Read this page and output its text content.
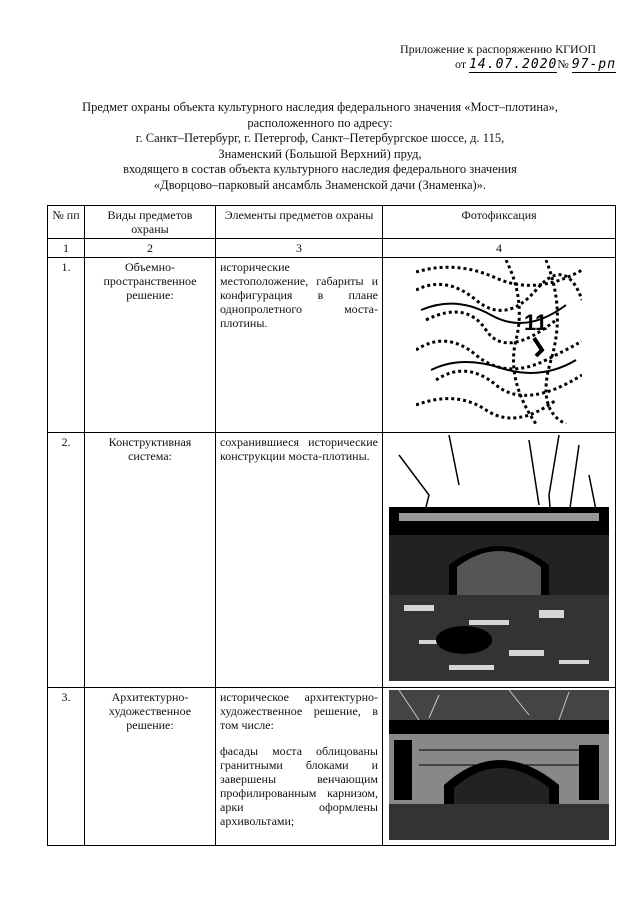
Приложение к распоряжению КГИОП
от 14.07.2020№ 97-рп
Предмет охраны объекта культурного наследия федерального значения «Мост–плотина»,
расположенного по адресу:
г. Санкт–Петербург, г. Петергоф, Санкт–Петербургское шоссе, д. 115,
Знаменский (Большой Верхний) пруд,
входящего в состав объекта культурного наследия федерального значения
«Дворцово–парковый ансамбль Знаменской дачи (Знаменка)».
№ пп	Виды предметов охраны	Элементы предметов охраны	Фотофиксация
1	2	3	4
1.	Объемно-пространственное решение:	исторические местоположение, габариты и конфигурация в плане однопролетного моста-плотины.	11

2.	Конструктивная система:	сохранившиеся исторические конструкции моста-плотины.	

3.	Архитектурно-художественное решение:	историческое архитектурно-художественное решение, в том числе:
фасады моста облицованы гранитными блоками и завершены венчающим профилированным карнизом, арки оформлены архивольтами;
